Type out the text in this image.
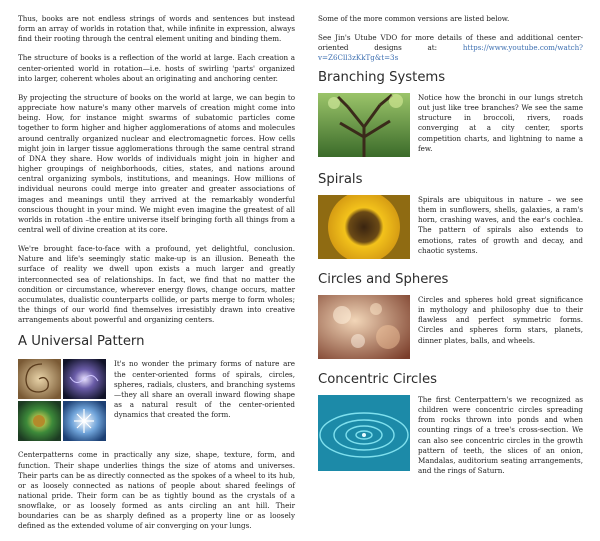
Thus, books are not endless strings of words and sentences but instead form an array of worlds in rotation that, while infinite in expression, always find their rooting through the central element uniting and binding them.

The structure of books is a reflection of the world at large. Each creation a center-oriented world in rotation—i.e. hosts of swirling 'parts' organized into larger, coherent wholes about an originating and anchoring center.

By projecting the structure of books on the world at large, we can begin to appreciate how nature's many other marvels of creation might come into being. How, for instance might swarms of subatomic particles come together to form higher and higher agglomerations of atoms and molecules around centrally organized nuclear and electromagnetic forces. How cells might join in larger tissue agglomerations through the same central strand of DNA they share. How worlds of individuals might join in higher and higher groupings of neighborhoods, cities, states, and nations around central organizing symbols, institutions, and meanings. How millions of individual neurons could merge into greater and greater associations of images and meanings until they arrived at the remarkably wonderful conscious thought in your mind. We might even imagine the greatest of all worlds in rotation –the entire universe itself bringing forth all things from a central well of divine creation at its core.

We're brought face-to-face with a profound, yet delightful, conclusion. Nature and life's seemingly static make-up is an illusion. Beneath the surface of reality we dwell upon exists a much larger and greatly interconnected sea of relationships. In fact, we find that no matter the condition or circumstance, wherever energy flows, change occurs, matter accumulates, dualistic counterparts collide, or parts merge to form wholes; the things of our world find themselves irresistibly drawn into creative arrangements about powerful and organizing centers.

A Universal Pattern

It's no wonder the primary forms of nature are the center-oriented forms of spirals, circles, spheres, radials, clusters, and branching systems—they all share an overall inward flowing shape as a natural result of the center-oriented dynamics that created the form.

Centerpatterns come in practically any size, shape, texture, form, and function. Their shape underlies things the size of atoms and universes. Their parts can be as directly connected as the spokes of a wheel to its hub, or as loosely connected as nations of people about shared feelings of national pride. Their form can be as tightly bound as the crystals of a snowflake, or as loosely formed as ants circling an ant hill. Their boundaries can be as sharply defined as a property line or as loosely defined as the extended volume of air converging on your lungs.

Some of the more common versions are listed below.

See Jin's Utube VDO for more details of these and additional center-oriented designs at: https://www.youtube.com/watch?v=Z6Cll3zKkTg&t=3s

Branching Systems

Notice how the bronchi in our lungs stretch out just like tree branches? We see the same structure in broccoli, rivers, roads converging at a city center, sports competition charts, and lightning to name a few.

Spirals

Spirals are ubiquitous in nature – we see them in sunflowers, shells, galaxies, a ram's horn, crashing waves, and the ear's cochlea. The pattern of spirals also extends to emotions, rates of growth and decay, and chaotic systems.

Circles and Spheres

Circles and spheres hold great significance in mythology and philosophy due to their flawless and perfect symmetric forms. Circles and spheres form stars, planets, dinner plates, balls, and wheels.

Concentric Circles

The first Centerpattern's we recognized as children were concentric circles spreading from rocks thrown into ponds and when counting rings of a tree's cross-section. We can also see concentric circles in the growth pattern of teeth, the slices of an onion, Mandalas, auditorium seating arrangements, and the rings of Saturn.
